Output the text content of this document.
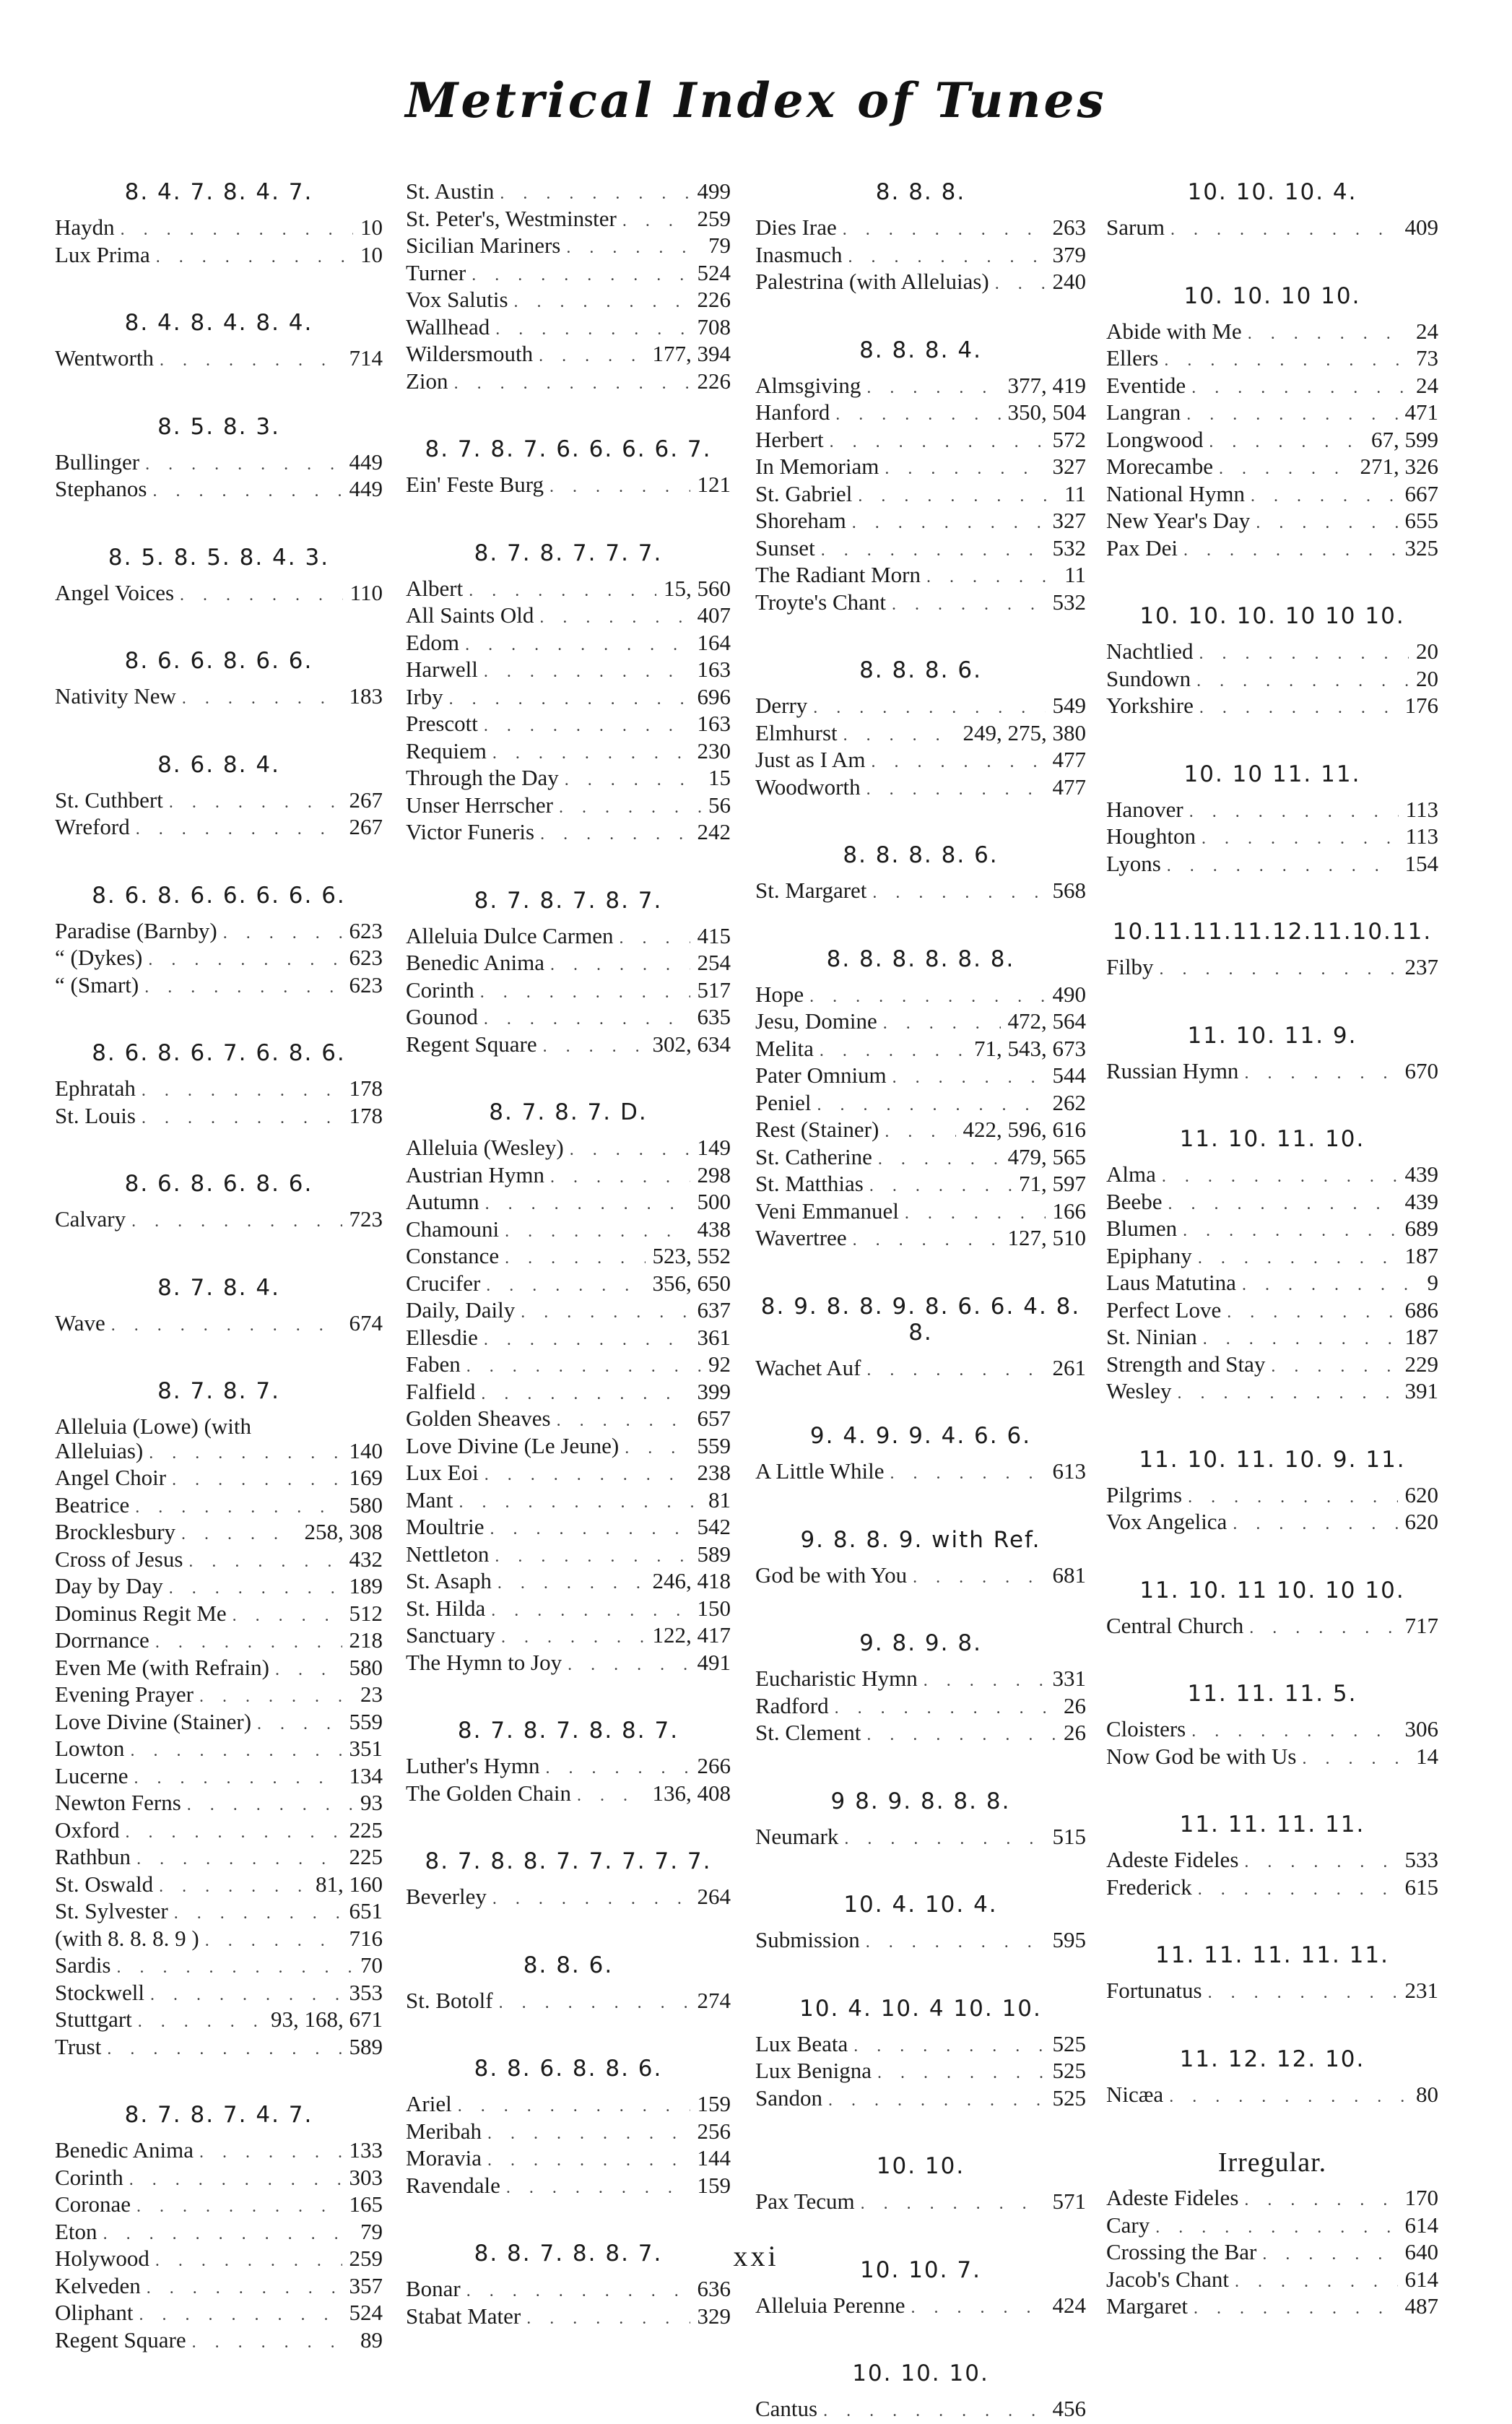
Metrical Index of Tunes
8. 4. 7. 8. 4. 7.
Haydn . . .	10
Lux Prima . . .	10
8. 4. 8. 4. 8. 4.
Wentworth . . .	714
8. 5. 8. 3.
Bullinger . . .	449
Stephanos . . .	449
8. 5. 8. 5. 8. 4. 3.
Angel Voices . . .	110
8. 6. 6. 8. 6. 6.
Nativity New . . .	183
8. 6. 8. 4.
St. Cuthbert . . .	267
Wreford . . .	267
8. 6. 8. 6. 6. 6. 6. 6.
Paradise (Barnby) . . .	623
“ (Dykes) . . .	623
“ (Smart) . . .	623
8. 6. 8. 6. 7. 6. 8. 6.
Ephratah . . .	178
St. Louis . . .	178
8. 6. 8. 6. 8. 6.
Calvary . . .	723
8. 7. 8. 4.
Wave . . .	674
8. 7. 8. 7.
Alleluia (Lowe) (with
Alleluias) . . .	140
Angel Choir . . .	169
Beatrice . . .	580
Brocklesbury . . .	258, 308
Cross of Jesus . . .	432
Day by Day . . .	189
Dominus Regit Me . . .	512
Dorrnance . . .	218
Even Me (with Refrain) . . .	580
Evening Prayer . . .	23
Love Divine (Stainer) . . .	559
Lowton . . .	351
Lucerne . . .	134
Newton Ferns . . .	93
Oxford . . .	225
Rathbun . . .	225
St. Oswald . . .	81, 160
St. Sylvester . . .	651
(with 8. 8. 8. 9 ) . . .	716
Sardis . . .	70
Stockwell . . .	353
Stuttgart . . .	93, 168, 671
Trust . . .	589
8. 7. 8. 7. 4. 7.
Benedic Anima . . .	133
Corinth . . .	303
Coronae . . .	165
Eton . . .	79
Holywood . . .	259
Kelveden . . .	357
Oliphant . . .	524
Regent Square . . .	89
St. Austin . . .	499
St. Peter's, Westminster . . .	259
Sicilian Mariners . . .	79
Turner . . .	524
Vox Salutis . . .	226
Wallhead . . .	708
Wildersmouth . . .	177, 394
Zion . . .	226
8. 7. 8. 7. 6. 6. 6. 6. 7.
Ein' Feste Burg . . .	121
8. 7. 8. 7. 7. 7.
Albert . . .	15, 560
All Saints Old . . .	407
Edom . . .	164
Harwell . . .	163
Irby . . .	696
Prescott . . .	163
Requiem . . .	230
Through the Day . . .	15
Unser Herrscher . . .	56
Victor Funeris . . .	242
8. 7. 8. 7. 8. 7.
Alleluia Dulce Carmen . . .	415
Benedic Anima . . .	254
Corinth . . .	517
Gounod . . .	635
Regent Square . . .	302, 634
8. 7. 8. 7. D.
Alleluia (Wesley) . . .	149
Austrian Hymn . . .	298
Autumn . . .	500
Chamouni . . .	438
Constance . . .	523, 552
Crucifer . . .	356, 650
Daily, Daily . . .	637
Ellesdie . . .	361
Faben . . .	92
Falfield . . .	399
Golden Sheaves . . .	657
Love Divine (Le Jeune) . . .	559
Lux Eoi . . .	238
Mant . . .	81
Moultrie . . .	542
Nettleton . . .	589
St. Asaph . . .	246, 418
St. Hilda . . .	150
Sanctuary . . .	122, 417
The Hymn to Joy . . .	491
8. 7. 8. 7. 8. 8. 7.
Luther's Hymn . . .	266
The Golden Chain . . .	136, 408
8. 7. 8. 8. 7. 7. 7. 7. 7.
Beverley . . .	264
8. 8. 6.
St. Botolf . . .	274
8. 8. 6. 8. 8. 6.
Ariel . . .	159
Meribah . . .	256
Moravia . . .	144
Ravendale . . .	159
8. 8. 7. 8. 8. 7.
Bonar . . .	636
Stabat Mater . . .	329
8. 8. 8.
Dies Irae . . .	263
Inasmuch . . .	379
Palestrina (with Alleluias) . . .	240
8. 8. 8. 4.
Almsgiving . . .	377, 419
Hanford . . .	350, 504
Herbert . . .	572
In Memoriam . . .	327
St. Gabriel . . .	11
Shoreham . . .	327
Sunset . . .	532
The Radiant Morn . . .	11
Troyte's Chant . . .	532
8. 8. 8. 6.
Derry . . .	549
Elmhurst . . .	249, 275, 380
Just as I Am . . .	477
Woodworth . . .	477
8. 8. 8. 8. 6.
St. Margaret . . .	568
8. 8. 8. 8. 8. 8.
Hope . . .	490
Jesu, Domine . . .	472, 564
Melita . . .	71, 543, 673
Pater Omnium . . .	544
Peniel . . .	262
Rest (Stainer) . . .	422, 596, 616
St. Catherine . . .	479, 565
St. Matthias . . .	71, 597
Veni Emmanuel . . .	166
Wavertree . . .	127, 510
8. 9. 8. 8. 9. 8. 6. 6. 4. 8. 8.
Wachet Auf . . .	261
9. 4. 9. 9. 4. 6. 6.
A Little While . . .	613
9. 8. 8. 9. with Ref.
God be with You . . .	681
9. 8. 9. 8.
Eucharistic Hymn . . .	331
Radford . . .	26
St. Clement . . .	26
9 8. 9. 8. 8. 8.
Neumark . . .	515
10. 4. 10. 4.
Submission . . .	595
10. 4. 10. 4 10. 10.
Lux Beata . . .	525
Lux Benigna . . .	525
Sandon . . .	525
10. 10.
Pax Tecum . . .	571
10. 10. 7.
Alleluia Perenne . . .	424
10. 10. 10.
Cantus . . .	456
10. 10. 10. 4.
Sarum . . .	409
10. 10. 10 10.
Abide with Me . . .	24
Ellers . . .	73
Eventide . . .	24
Langran . . .	471
Longwood . . .	67, 599
Morecambe . . .	271, 326
National Hymn . . .	667
New Year's Day . . .	655
Pax Dei . . .	325
10. 10. 10. 10 10 10.
Nachtlied . . .	20
Sundown . . .	20
Yorkshire . . .	176
10. 10 11. 11.
Hanover . . .	113
Houghton . . .	113
Lyons . . .	154
10.11.11.11.12.11.10.11.
Filby . . .	237
11. 10. 11. 9.
Russian Hymn . . .	670
11. 10. 11. 10.
Alma . . .	439
Beebe . . .	439
Blumen . . .	689
Epiphany . . .	187
Laus Matutina . . .	9
Perfect Love . . .	686
St. Ninian . . .	187
Strength and Stay . . .	229
Wesley . . .	391
11. 10. 11. 10. 9. 11.
Pilgrims . . .	620
Vox Angelica . . .	620
11. 10. 11 10. 10 10.
Central Church . . .	717
11. 11. 11. 5.
Cloisters . . .	306
Now God be with Us . . .	14
11. 11. 11. 11.
Adeste Fideles . . .	533
Frederick . . .	615
11. 11. 11. 11. 11.
Fortunatus . . .	231
11. 12. 12. 10.
Nicæa . . .	80
Irregular.
Adeste Fideles . . .	170
Cary . . .	614
Crossing the Bar . . .	640
Jacob's Chant . . .	614
Margaret . . .	487
xxi
